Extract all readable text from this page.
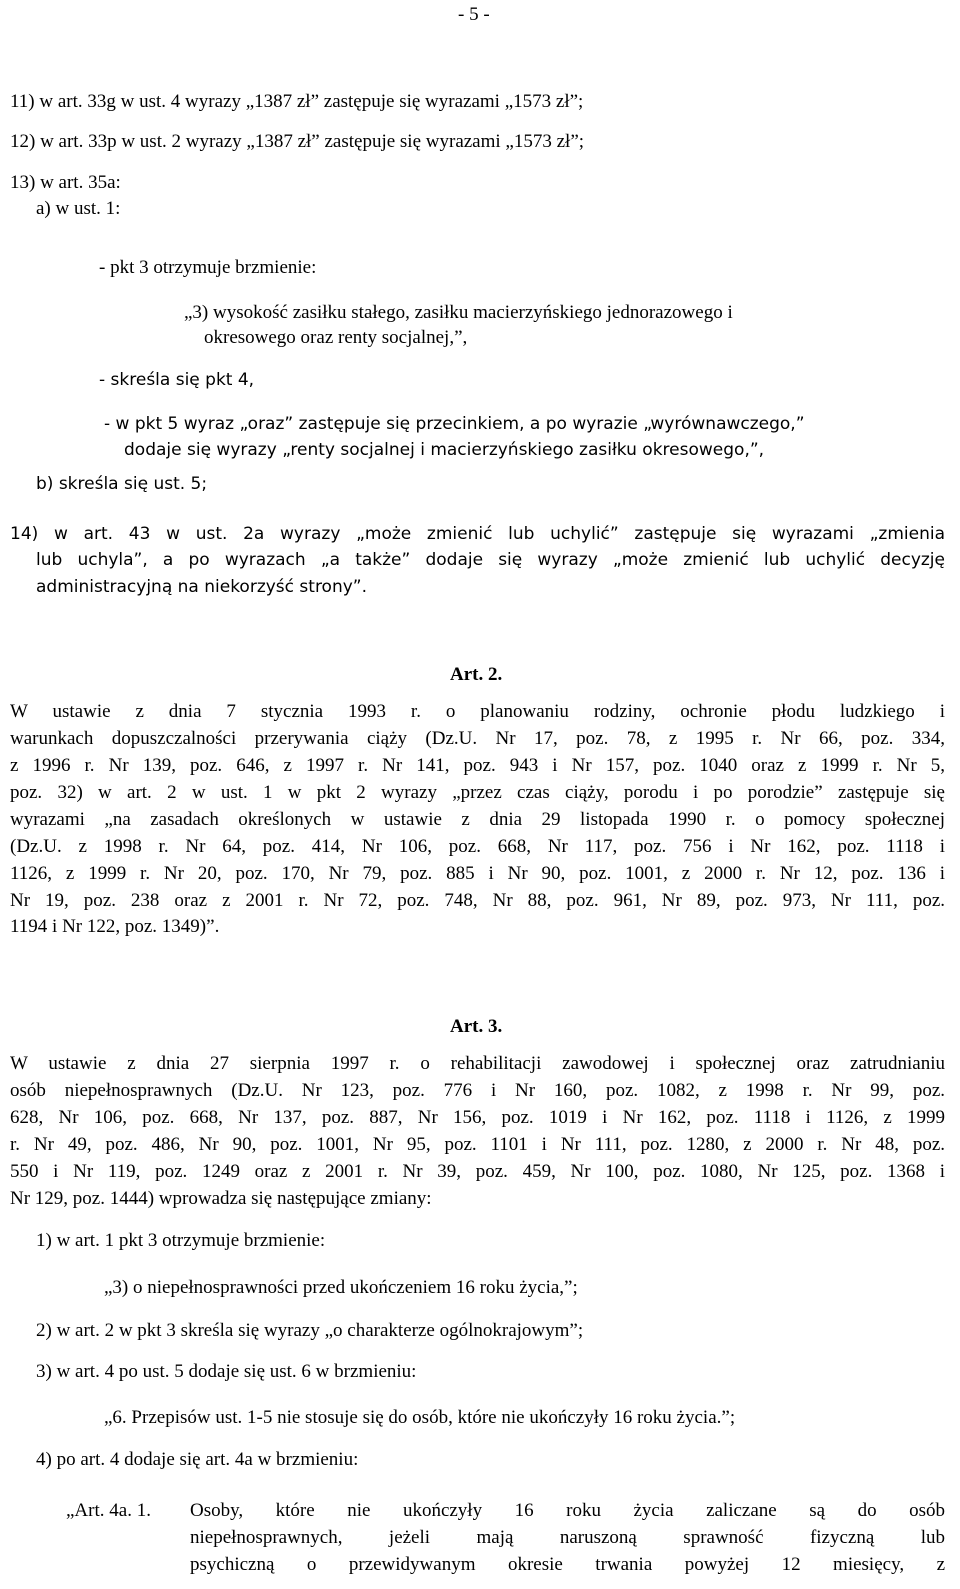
- 5 -
11) w art. 33g w ust. 4 wyrazy „1387 zł” zastępuje się wyrazami „1573 zł”;
12) w art. 33p w ust. 2 wyrazy „1387 zł” zastępuje się wyrazami „1573 zł”;
13) w art. 35a:
a) w ust. 1:
- pkt 3 otrzymuje brzmienie:
„3) wysokość zasiłku stałego, zasiłku macierzyńskiego jednorazowego i
okresowego oraz renty socjalnej,”,
- skreśla się pkt 4,
- w pkt 5 wyraz „oraz” zastępuje się przecinkiem, a po wyrazie „wyrównawczego,”
dodaje się wyrazy „renty socjalnej i macierzyńskiego zasiłku okresowego,”,
b) skreśla się ust. 5;
14) w art. 43 w ust. 2a wyrazy „może zmienić lub uchylić” zastępuje się wyrazami „zmienia
lub uchyla”, a po wyrazach „a także” dodaje się wyrazy „może zmienić lub uchylić decyzję
administracyjną na niekorzyść strony”.
Art. 2.
W ustawie z dnia 7 stycznia 1993 r. o planowaniu rodziny, ochronie płodu ludzkiego i
warunkach dopuszczalności przerywania ciąży (Dz.U. Nr 17, poz. 78, z 1995 r. Nr 66, poz. 334,
z 1996 r. Nr 139, poz. 646, z 1997 r. Nr 141, poz. 943 i Nr 157, poz. 1040 oraz z 1999 r. Nr 5,
poz. 32) w art. 2 w ust. 1 w pkt 2 wyrazy „przez czas ciąży, porodu i po porodzie” zastępuje się
wyrazami „na zasadach określonych w ustawie z dnia 29 listopada 1990 r. o pomocy społecznej
(Dz.U. z 1998 r. Nr 64, poz. 414, Nr 106, poz. 668, Nr 117, poz. 756 i Nr 162, poz. 1118 i
1126, z 1999 r. Nr 20, poz. 170, Nr 79, poz. 885 i Nr 90, poz. 1001, z 2000 r. Nr 12, poz. 136 i
Nr 19, poz. 238 oraz z 2001 r. Nr 72, poz. 748, Nr 88, poz. 961, Nr 89, poz. 973, Nr 111, poz.
1194 i Nr 122, poz. 1349)”.
Art. 3.
W ustawie z dnia 27 sierpnia 1997 r. o rehabilitacji zawodowej i społecznej oraz zatrudnianiu
osób niepełnosprawnych (Dz.U. Nr 123, poz. 776 i Nr 160, poz. 1082, z 1998 r. Nr 99, poz.
628, Nr 106, poz. 668, Nr 137, poz. 887, Nr 156, poz. 1019 i Nr 162, poz. 1118 i 1126, z 1999
r. Nr 49, poz. 486, Nr 90, poz. 1001, Nr 95, poz. 1101 i Nr 111, poz. 1280, z 2000 r. Nr 48, poz.
550 i Nr 119, poz. 1249 oraz z 2001 r. Nr 39, poz. 459, Nr 100, poz. 1080, Nr 125, poz. 1368 i
Nr 129, poz. 1444) wprowadza się następujące zmiany:
1) w art. 1 pkt 3 otrzymuje brzmienie:
„3) o niepełnosprawności przed ukończeniem 16 roku życia,”;
2) w art. 2 w pkt 3 skreśla się wyrazy „o charakterze ogólnokrajowym”;
3) w art. 4 po ust. 5 dodaje się ust. 6 w brzmieniu:
„6. Przepisów ust. 1-5 nie stosuje się do osób, które nie ukończyły 16 roku życia.”;
4) po art. 4 dodaje się art. 4a w brzmieniu:
„Art. 4a. 1. Osoby, które nie ukończyły 16 roku życia zaliczane są do osób
niepełnosprawnych, jeżeli mają naruszoną sprawność fizyczną lub
psychiczną o przewidywanym okresie trwania powyżej 12 miesięcy, z
